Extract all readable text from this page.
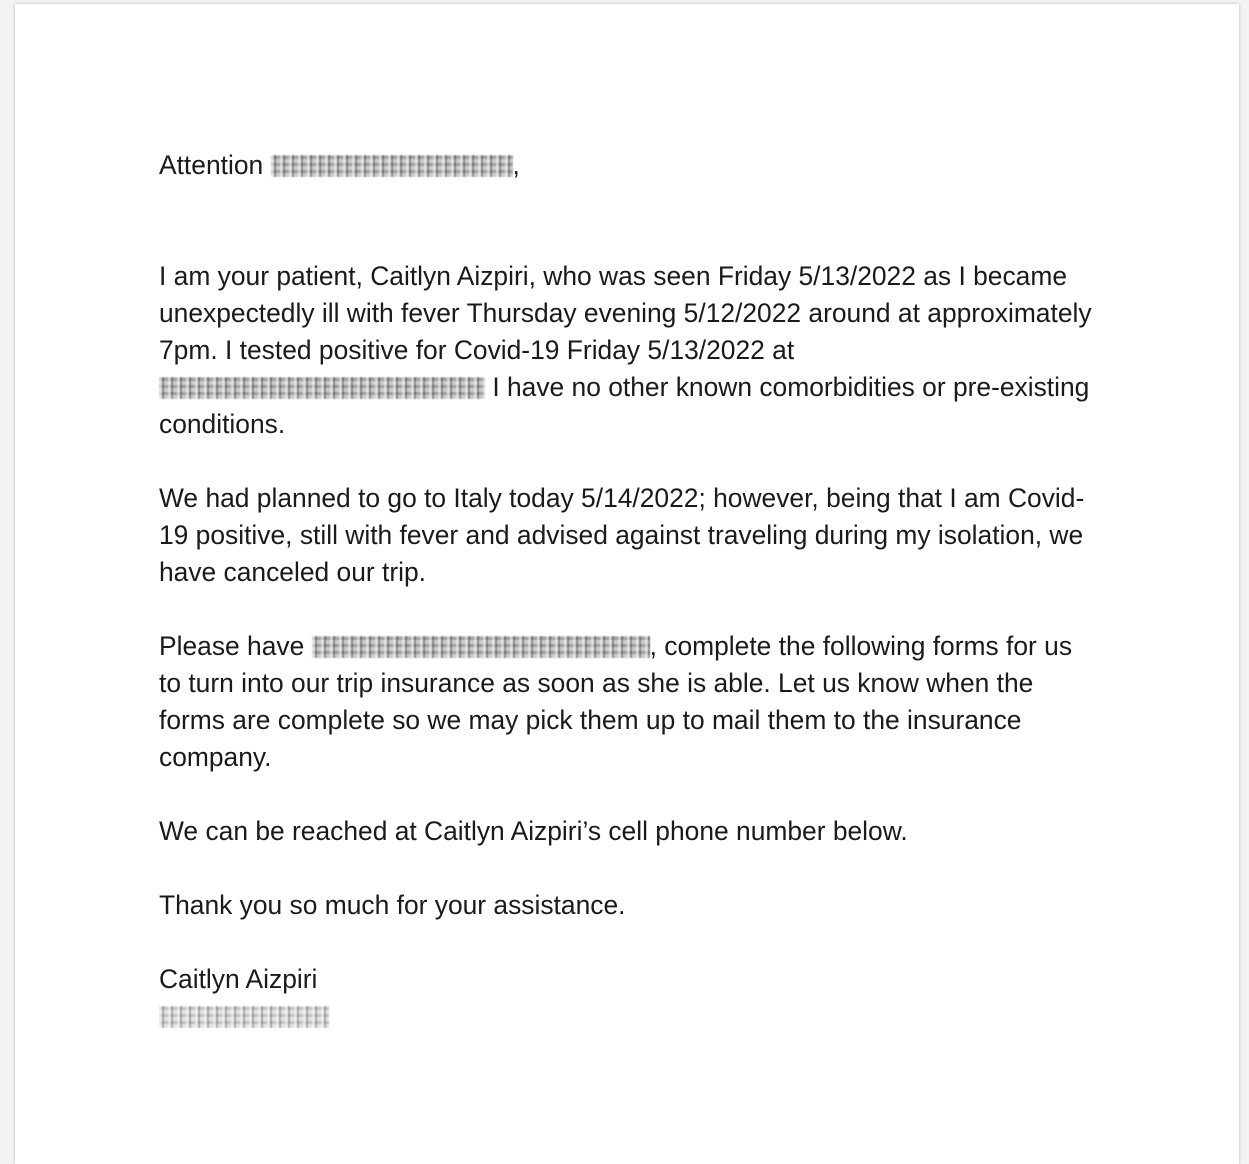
Attention	,

I am your patient, Caitlyn Aizpiri, who was seen Friday 5/13/2022 as I became unexpectedly ill with fever Thursday evening 5/12/2022 around at approximately 7pm. I tested positive for Covid-19 Friday 5/13/2022 at  I have no other known comorbidities or pre-existing conditions.

We had planned to go to Italy today 5/14/2022; however, being that I am Covid-19 positive, still with fever and advised against traveling during my isolation, we have canceled our trip.

Please have	, complete the following forms for us to turn into our trip insurance as soon as she is able. Let us know when the forms are complete so we may pick them up to mail them to the insurance company.

We can be reached at Caitlyn Aizpiri’s cell phone number below.

Thank you so much for your assistance.

Caitlyn Aizpiri
